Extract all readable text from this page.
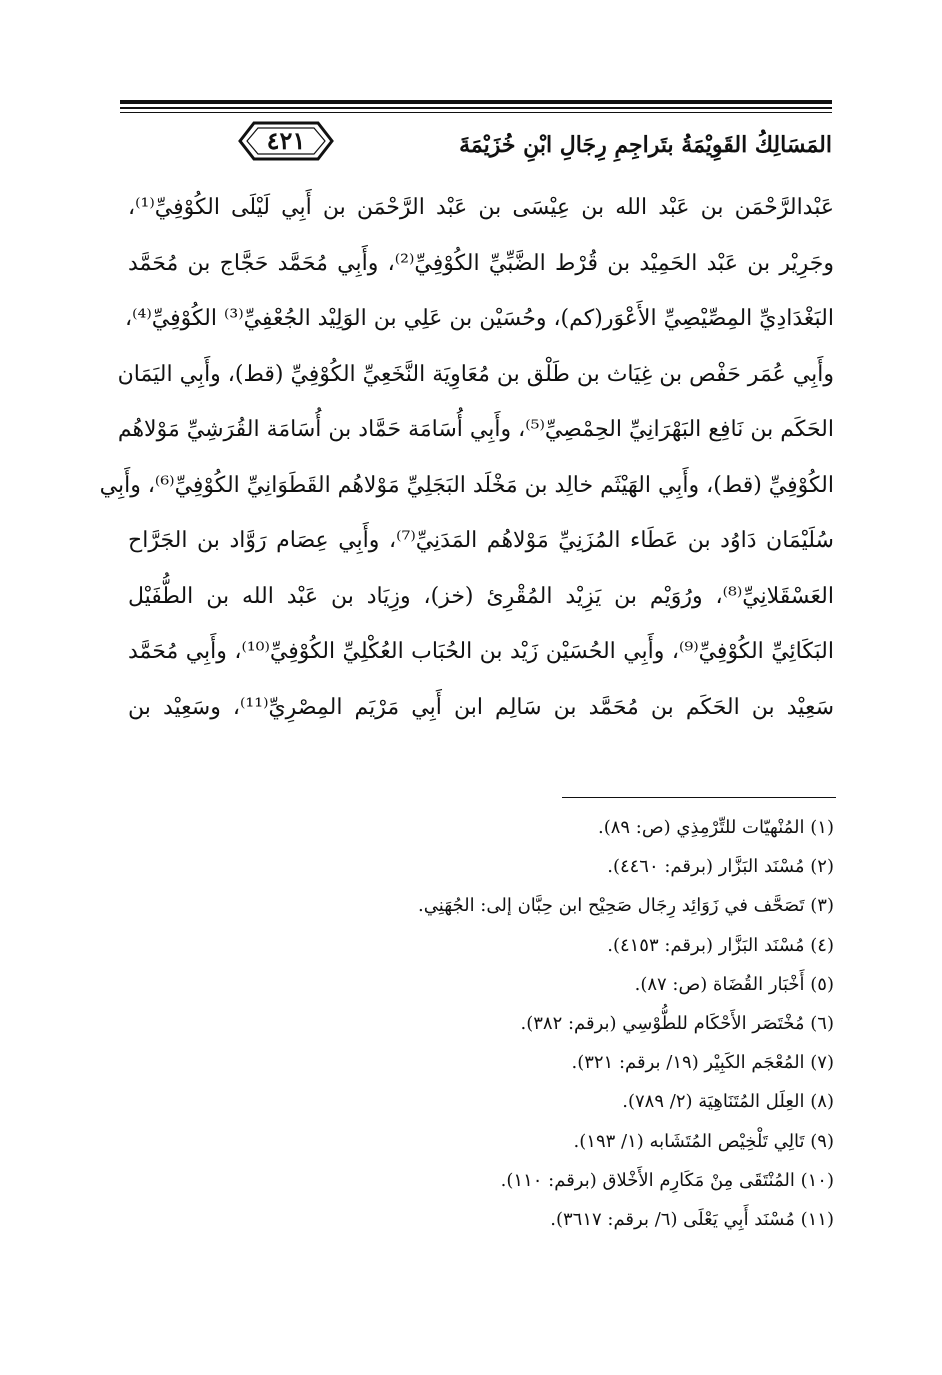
٤٢١	المَسَالِكُ القَوِيْمَةُ بتَراجِمِ رِجَالِ ابْنِ خُزَيْمَةَ
عَبْدالرَّحْمَن بن عَبْد الله بن عِيْسَى بن عَبْد الرَّحْمَن بن أَبِي لَيْلَى الكُوْفِيِّ⁽¹⁾،
وجَرِيْر بن عَبْد الحَمِيْد بن قُرْط الضَّبِّيِّ الكُوْفِيِّ⁽²⁾، وأَبِي مُحَمَّد حَجَّاج بن مُحَمَّد
البَغْدَادِيِّ المِصِّيْصِيِّ الأَعْوَر(كم)، وحُسَيْن بن عَلِي بن الوَلِيْد الجُعْفِيِّ⁽³⁾ الكُوْفِيِّ⁽⁴⁾،
وأَبِي عُمَر حَفْص بن غِيَاث بن طَلْق بن مُعَاوِيَة النَّخَعِيِّ الكُوْفِيِّ (قط)، وأَبِي اليَمَان
الحَكَم بن نَافِع البَهْرَانِيِّ الحِمْصِيِّ⁽⁵⁾، وأَبِي أُسَامَة حَمَّاد بن أُسَامَة القُرَشِيِّ مَوْلاهُم
الكُوْفِيِّ (قط)، وأَبِي الهَيْثَم خالِد بن مَخْلَد البَجَلِيِّ مَوْلاهُم القَطَوَانِيِّ الكُوْفِيِّ⁽⁶⁾، وأَبِي
سُلَيْمَان دَاوُد بن عَطَاء المُزَنِيِّ مَوْلاهُم المَدَنِيِّ⁽⁷⁾، وأَبِي عِصَام رَوَّاد بن الجَرَّاح
العَسْقَلانِيِّ⁽⁸⁾، ورُوَيْم بن يَزِيْد المُقْرِئ (خز)، وزِيَاد بن عَبْد الله بن الطُّفَيْل
البَكَائِيِّ الكُوْفِيِّ⁽⁹⁾، وأَبِي الحُسَيْن زَيْد بن الحُبَاب العُكْلِيِّ الكُوْفِيِّ⁽¹⁰⁾، وأَبِي مُحَمَّد
سَعِيْد بن الحَكَم بن مُحَمَّد بن سَالِم ابن أَبِي مَرْيَم المِصْرِيِّ⁽¹¹⁾، وسَعِيْد بن
(١) المُنْهيّات للتِّرْمِذِي (ص: ٨٩).
(٢) مُسْنَد البَزَّار (برقم: ٤٤٦٠).
(٣) تَصَحَّف في زَوَائِد رِجَال صَحِيْح ابن حِبَّان إلى: الجُهَنِي.
(٤) مُسْنَد البَزَّار (برقم: ٤١٥٣).
(٥) أَخْبَار القُضَاة (ص: ٨٧).
(٦) مُخْتَصَر الأَحْكَام للطُّوْسِي (برقم: ٣٨٢).
(٧) المُعْجَم الكَبِيْر (١٩/ برقم: ٣٢١).
(٨) العِلَل المُتَنَاهِيَة (٢/ ٧٨٩).
(٩) تَالِي تَلْخِيْص المُتَشَابه (١/ ١٩٣).
(١٠) المُنْتَقَى مِنْ مَكَارِم الأَخْلاق (برقم: ١١٠).
(١١) مُسْنَد أَبِي يَعْلَى (٦/ برقم: ٣٦١٧).
